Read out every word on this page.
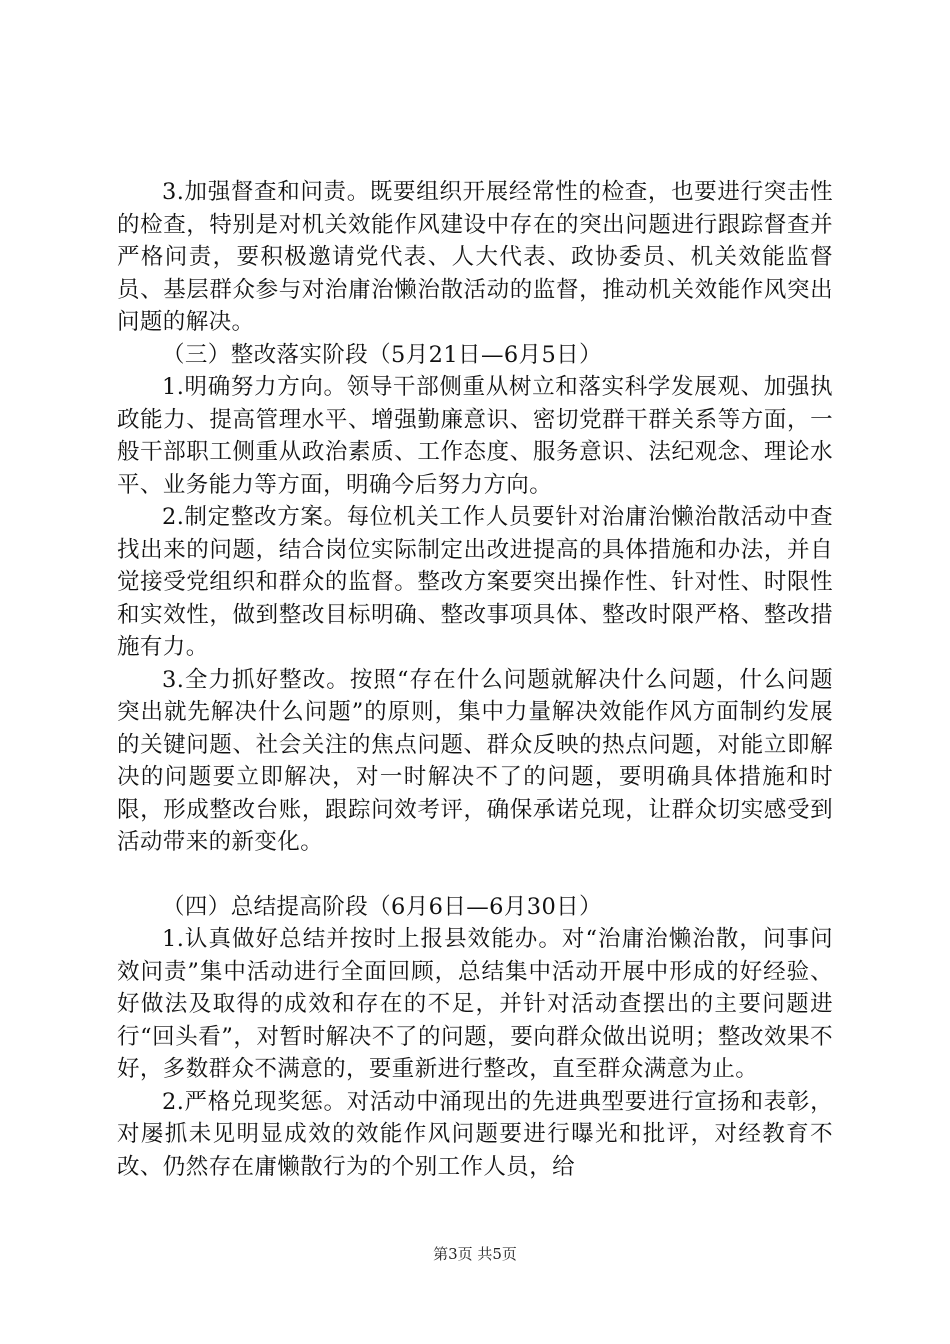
3.加强督查和问责。既要组织开展经常性的检查，也要进行突击性的检查，特别是对机关效能作风建设中存在的突出问题进行跟踪督查并严格问责，要积极邀请党代表、人大代表、政协委员、机关效能监督员、基层群众参与对治庸治懒治散活动的监督，推动机关效能作风突出问题的解决。

（三）整改落实阶段（5月21日—6月5日）

1.明确努力方向。领导干部侧重从树立和落实科学发展观、加强执政能力、提高管理水平、增强勤廉意识、密切党群干群关系等方面，一般干部职工侧重从政治素质、工作态度、服务意识、法纪观念、理论水平、业务能力等方面，明确今后努力方向。

2.制定整改方案。每位机关工作人员要针对治庸治懒治散活动中查找出来的问题，结合岗位实际制定出改进提高的具体措施和办法，并自觉接受党组织和群众的监督。整改方案要突出操作性、针对性、时限性和实效性，做到整改目标明确、整改事项具体、整改时限严格、整改措施有力。

3.全力抓好整改。按照“存在什么问题就解决什么问题，什么问题突出就先解决什么问题”的原则，集中力量解决效能作风方面制约发展的关键问题、社会关注的焦点问题、群众反映的热点问题，对能立即解决的问题要立即解决，对一时解决不了的问题，要明确具体措施和时限，形成整改台账，跟踪问效考评，确保承诺兑现，让群众切实感受到活动带来的新变化。

（四）总结提高阶段（6月6日—6月30日）

1.认真做好总结并按时上报县效能办。对“治庸治懒治散，问事问效问责”集中活动进行全面回顾，总结集中活动开展中形成的好经验、好做法及取得的成效和存在的不足，并针对活动查摆出的主要问题进行“回头看”，对暂时解决不了的问题，要向群众做出说明；整改效果不好，多数群众不满意的，要重新进行整改，直至群众满意为止。

2.严格兑现奖惩。对活动中涌现出的先进典型要进行宣扬和表彰，对屡抓未见明显成效的效能作风问题要进行曝光和批评，对经教育不改、仍然存在庸懒散行为的个别工作人员，给

第3页 共5页
